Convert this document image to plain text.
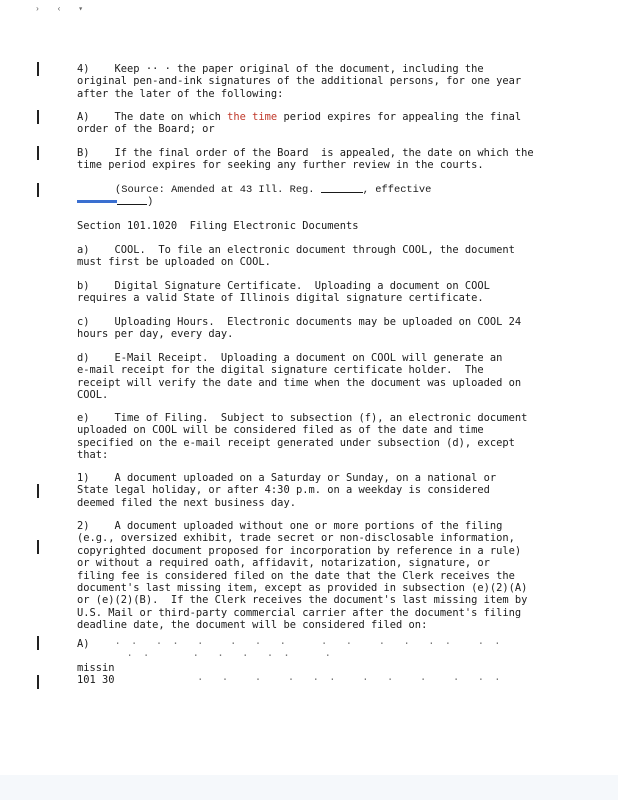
› ‹ ▾
4)    Keep ·· · the paper original of the document, including the
original pen-and-ink signatures of the additional persons, for one year
after the later of the following:
A)    The date on which the time period expires for appealing the final
order of the Board; or
B)    If the final order of the Board  is appealed, the date on which the
time period expires for seeking any further review in the courts.
(Source: Amended at 43 Ill. Reg.	, effective
)
Section 101.1020  Filing Electronic Documents
a)    COOL.  To file an electronic document through COOL, the document
must first be uploaded on COOL.
b)    Digital Signature Certificate.  Uploading a document on COOL
requires a valid State of Illinois digital signature certificate.
c)    Uploading Hours.  Electronic documents may be uploaded on COOL 24
hours per day, every day.
d)    E-Mail Receipt.  Uploading a document on COOL will generate an
e-mail receipt for the digital signature certificate holder.  The
receipt will verify the date and time when the document was uploaded on
COOL.
e)    Time of Filing.  Subject to subsection (f), an electronic document
uploaded on COOL will be considered filed as of the date and time
specified on the e-mail receipt generated under subsection (d), except
that:
1)    A document uploaded on a Saturday or Sunday, on a national or
State legal holiday, or after 4:30 p.m. on a weekday is considered
deemed filed the next business day.
2)    A document uploaded without one or more portions of the filing
(e.g., oversized exhibit, trade secret or non-disclosable information,
copyrighted document proposed for incorporation by reference in a rule)
or without a required oath, affidavit, notarization, signature, or
filing fee is considered filed on the date that the Clerk receives the
document's last missing item, except as provided in subsection (e)(2)(A)
or (e)(2)(B).  If the Clerk receives the document's last missing item by
U.S. Mail or third-party commercial carrier after the document's filing
deadline date, the document will be considered filed on:
A)    · ·  · ·  ·   ·  ·  ·    ·  ·   ·  ·  · ·   · ·
· ·     ·  ·  ·  · ·    ·
missin
101 30          ·  ·   ·   ·  · ·   ·  ·   ·   ·  · ·
